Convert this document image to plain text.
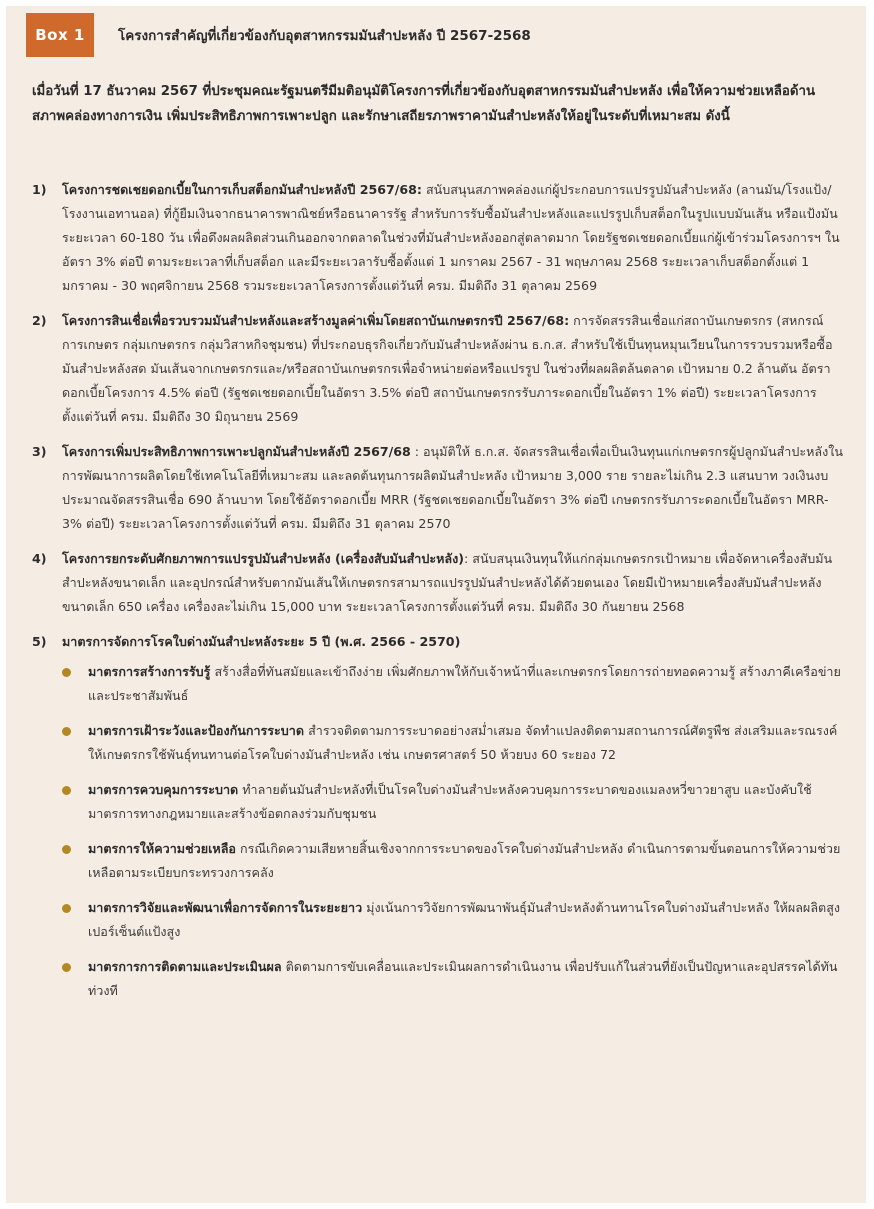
Box 1	โครงการสำคัญที่เกี่ยวข้องกับอุตสาหกรรมมันสำปะหลัง ปี 2567-2568
เมื่อวันที่ 17 ธันวาคม 2567 ที่ประชุมคณะรัฐมนตรีมีมติอนุมัติโครงการที่เกี่ยวข้องกับอุตสาหกรรมมันสำปะหลัง เพื่อให้ความช่วยเหลือด้านสภาพคล่องทางการเงิน เพิ่มประสิทธิภาพการเพาะปลูก และรักษาเสถียรภาพราคามันสำปะหลังให้อยู่ในระดับที่เหมาะสม ดังนี้
1)	โครงการชดเชยดอกเบี้ยในการเก็บสต็อกมันสำปะหลังปี 2567/68: สนับสนุนสภาพคล่องแก่ผู้ประกอบการแปรรูปมันสำปะหลัง (ลานมัน/โรงแป้ง/โรงงานเอทานอล) ที่กู้ยืมเงินจากธนาคารพาณิชย์หรือธนาคารรัฐ สำหรับการรับซื้อมันสำปะหลังและแปรรูปเก็บสต็อกในรูปแบบมันเส้น หรือแป้งมัน ระยะเวลา 60-180 วัน เพื่อดึงผลผลิตส่วนเกินออกจากตลาดในช่วงที่มันสำปะหลังออกสู่ตลาดมาก โดยรัฐชดเชยดอกเบี้ยแก่ผู้เข้าร่วมโครงการฯ ในอัตรา 3% ต่อปี ตามระยะเวลาที่เก็บสต็อก และมีระยะเวลารับซื้อตั้งแต่ 1 มกราคม 2567 - 31 พฤษภาคม 2568 ระยะเวลาเก็บสต็อกตั้งแต่ 1 มกราคม - 30 พฤศจิกายน 2568 รวมระยะเวลาโครงการตั้งแต่วันที่ ครม. มีมติถึง 31 ตุลาคม 2569
2)	โครงการสินเชื่อเพื่อรวบรวมมันสำปะหลังและสร้างมูลค่าเพิ่มโดยสถาบันเกษตรกรปี 2567/68: การจัดสรรสินเชื่อแก่สถาบันเกษตรกร (สหกรณ์การเกษตร กลุ่มเกษตรกร กลุ่มวิสาหกิจชุมชน) ที่ประกอบธุรกิจเกี่ยวกับมันสำปะหลังผ่าน ธ.ก.ส. สำหรับใช้เป็นทุนหมุนเวียนในการรวบรวมหรือซื้อมันสำปะหลังสด มันเส้นจากเกษตรกรและ/หรือสถาบันเกษตรกรเพื่อจำหน่ายต่อหรือแปรรูป ในช่วงที่ผลผลิตล้นตลาด เป้าหมาย 0.2 ล้านตัน อัตราดอกเบี้ยโครงการ 4.5% ต่อปี (รัฐชดเชยดอกเบี้ยในอัตรา 3.5% ต่อปี สถาบันเกษตรกรรับภาระดอกเบี้ยในอัตรา 1% ต่อปี) ระยะเวลาโครงการตั้งแต่วันที่ ครม. มีมติถึง 30 มิถุนายน 2569
3)	โครงการเพิ่มประสิทธิภาพการเพาะปลูกมันสำปะหลังปี 2567/68 : อนุมัติให้ ธ.ก.ส. จัดสรรสินเชื่อเพื่อเป็นเงินทุนแก่เกษตรกรผู้ปลูกมันสำปะหลังในการพัฒนาการผลิตโดยใช้เทคโนโลยีที่เหมาะสม และลดต้นทุนการผลิตมันสำปะหลัง เป้าหมาย 3,000 ราย รายละไม่เกิน 2.3 แสนบาท วงเงินงบประมาณจัดสรรสินเชื่อ 690 ล้านบาท โดยใช้อัตราดอกเบี้ย MRR (รัฐชดเชยดอกเบี้ยในอัตรา 3% ต่อปี เกษตรกรรับภาระดอกเบี้ยในอัตรา MRR-3% ต่อปี) ระยะเวลาโครงการตั้งแต่วันที่ ครม. มีมติถึง 31 ตุลาคม 2570
4)	โครงการยกระดับศักยภาพการแปรรูปมันสำปะหลัง (เครื่องสับมันสำปะหลัง): สนับสนุนเงินทุนให้แก่กลุ่มเกษตรกรเป้าหมาย เพื่อจัดหาเครื่องสับมันสำปะหลังขนาดเล็ก และอุปกรณ์สำหรับตากมันเส้นให้เกษตรกรสามารถแปรรูปมันสำปะหลังได้ด้วยตนเอง โดยมีเป้าหมายเครื่องสับมันสำปะหลังขนาดเล็ก 650 เครื่อง เครื่องละไม่เกิน 15,000 บาท ระยะเวลาโครงการตั้งแต่วันที่ ครม. มีมติถึง 30 กันยายน 2568
5)	มาตรการจัดการโรคใบด่างมันสำปะหลังระยะ 5 ปี (พ.ศ. 2566 - 2570)
มาตรการสร้างการรับรู้ สร้างสื่อที่ทันสมัยและเข้าถึงง่าย เพิ่มศักยภาพให้กับเจ้าหน้าที่และเกษตรกรโดยการถ่ายทอดความรู้ สร้างภาคีเครือข่าย และประชาสัมพันธ์
มาตรการเฝ้าระวังและป้องกันการระบาด สำรวจติดตามการระบาดอย่างสม่ำเสมอ จัดทำแปลงติดตามสถานการณ์ศัตรูพืช ส่งเสริมและรณรงค์ให้เกษตรกรใช้พันธุ์ทนทานต่อโรคใบด่างมันสำปะหลัง เช่น เกษตรศาสตร์ 50 ห้วยบง 60 ระยอง 72
มาตรการควบคุมการระบาด ทำลายต้นมันสำปะหลังที่เป็นโรคใบด่างมันสำปะหลังควบคุมการระบาดของแมลงหวี่ขาวยาสูบ และบังคับใช้มาตรการทางกฎหมายและสร้างข้อตกลงร่วมกับชุมชน
มาตรการให้ความช่วยเหลือ กรณีเกิดความเสียหายสิ้นเชิงจากการระบาดของโรคใบด่างมันสำปะหลัง ดำเนินการตามขั้นตอนการให้ความช่วยเหลือตามระเบียบกระทรวงการคลัง
มาตรการวิจัยและพัฒนาเพื่อการจัดการในระยะยาว มุ่งเน้นการวิจัยการพัฒนาพันธุ์มันสำปะหลังต้านทานโรคใบด่างมันสำปะหลัง ให้ผลผลิตสูง เปอร์เซ็นต์แป้งสูง
มาตรการการติดตามและประเมินผล ติดตามการขับเคลื่อนและประเมินผลการดำเนินงาน เพื่อปรับแก้ในส่วนที่ยังเป็นปัญหาและอุปสรรคได้ทันท่วงที
